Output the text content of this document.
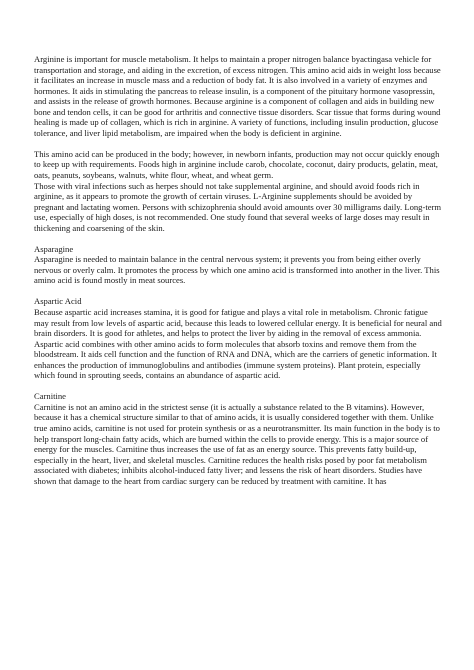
Arginine is important for muscle metabolism. It helps to maintain a proper nitrogen balance byactingasa vehicle for transportation and storage, and aiding in the excretion, of excess nitrogen. This amino acid aids in weight loss because it facilitates an increase in muscle mass and a reduction of body fat. It is also involved in a variety of enzymes and hormones. It aids in stimulating the pancreas to release insulin, is a component of the pituitary hormone vasopressin, and assists in the release of growth hormones. Because arginine is a component of collagen and aids in building new bone and tendon cells, it can be good for arthritis and connective tissue disorders. Scar tissue that forms during wound healing is made up of collagen, which is rich in arginine. A variety of functions, including insulin production, glucose tolerance, and liver lipid metabolism, are impaired when the body is deficient in arginine.

This amino acid can be produced in the body; however, in newborn infants, production may not occur quickly enough to keep up with requirements. Foods high in arginine include carob, chocolate, coconut, dairy products, gelatin, meat, oats, peanuts, soybeans, walnuts, white flour, wheat, and wheat germ.

Those with viral infections such as herpes should not take supplemental arginine, and should avoid foods rich in arginine, as it appears to promote the growth of certain viruses. L-Arginine supplements should be avoided by pregnant and lactating women. Persons with schizophrenia should avoid amounts over 30 milligrams daily. Long-term use, especially of high doses, is not recommended. One study found that several weeks of large doses may result in thickening and coarsening of the skin.

Asparagine

Asparagine is needed to maintain balance in the central nervous system; it prevents you from being either overly nervous or overly calm. It promotes the process by which one amino acid is transformed into another in the liver. This amino acid is found mostly in meat sources.

Aspartic Acid

Because aspartic acid increases stamina, it is good for fatigue and plays a vital role in metabolism. Chronic fatigue may result from low levels of aspartic acid, because this leads to lowered cellular energy. It is beneficial for neural and brain disorders. It is good for athletes, and helps to protect the liver by aiding in the removal of excess ammonia. Aspartic acid combines with other amino acids to form molecules that absorb toxins and remove them from the bloodstream. It aids cell function and the function of RNA and DNA, which are the carriers of genetic information. It enhances the production of immunoglobulins and antibodies (immune system proteins). Plant protein, especially which found in sprouting seeds, contains an abundance of aspartic acid.

Carnitine

Carnitine is not an amino acid in the strictest sense (it is actually a substance related to the B vitamins). However, because it has a chemical structure similar to that of amino acids, it is usually considered together with them. Unlike true amino acids, carnitine is not used for protein synthesis or as a neurotransmitter. Its main function in the body is to help transport long-chain fatty acids, which are burned within the cells to provide energy. This is a major source of energy for the muscles. Carnitine thus increases the use of fat as an energy source. This prevents fatty build-up, especially in the heart, liver, and skeletal muscles. Carnitine reduces the health risks posed by poor fat metabolism associated with diabetes; inhibits alcohol-induced fatty liver; and lessens the risk of heart disorders. Studies have shown that damage to the heart from cardiac surgery can be reduced by treatment with carnitine. It has
